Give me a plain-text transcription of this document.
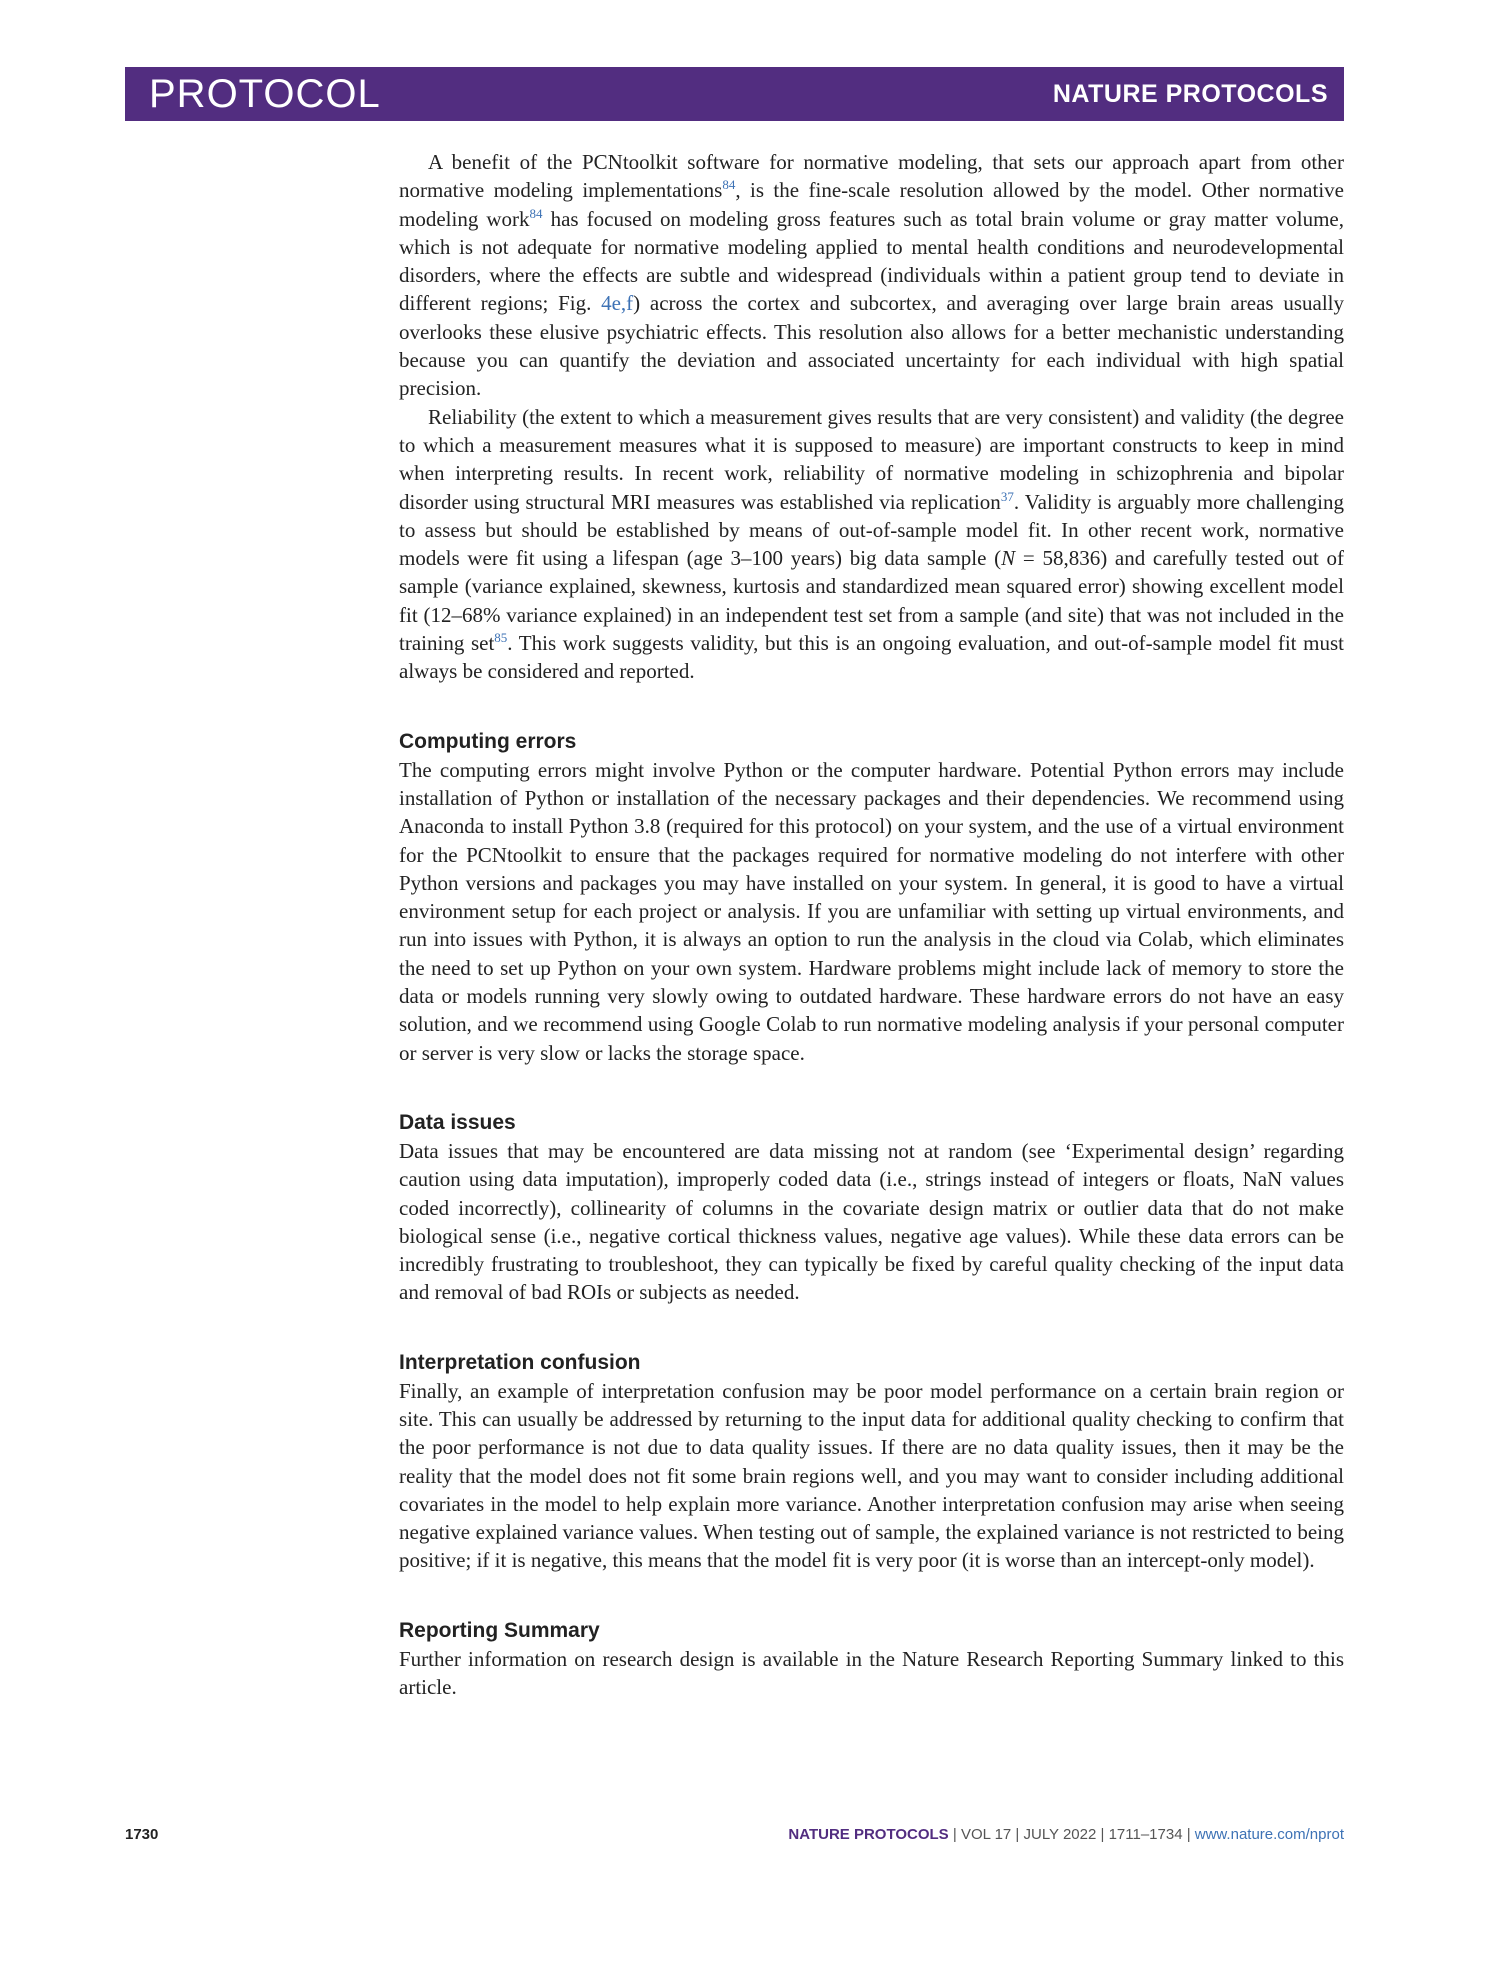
PROTOCOL	NATURE PROTOCOLS

A benefit of the PCNtoolkit software for normative modeling, that sets our approach apart from other normative modeling implementations$^{84}$, is the fine-scale resolution allowed by the model. Other normative modeling work$^{84}$ has focused on modeling gross features such as total brain volume or gray matter volume, which is not adequate for normative modeling applied to mental health conditions and neurodevelopmental disorders, where the effects are subtle and widespread (individuals within a patient group tend to deviate in different regions; Fig. 4e,f) across the cortex and subcortex, and averaging over large brain areas usually overlooks these elusive psychiatric effects. This resolution also allows for a better mechanistic understanding because you can quantify the deviation and associated uncertainty for each individual with high spatial precision.

Reliability (the extent to which a measurement gives results that are very consistent) and validity (the degree to which a measurement measures what it is supposed to measure) are important constructs to keep in mind when interpreting results. In recent work, reliability of normative modeling in schizophrenia and bipolar disorder using structural MRI measures was established via replication$^{37}$. Validity is arguably more challenging to assess but should be established by means of out-of-sample model fit. In other recent work, normative models were fit using a lifespan (age 3–100 years) big data sample (N = 58,836) and carefully tested out of sample (variance explained, skewness, kurtosis and standardized mean squared error) showing excellent model fit (12–68% variance explained) in an independent test set from a sample (and site) that was not included in the training set$^{85}$. This work suggests validity, but this is an ongoing evaluation, and out-of-sample model fit must always be considered and reported.

Computing errors

The computing errors might involve Python or the computer hardware. Potential Python errors may include installation of Python or installation of the necessary packages and their dependencies. We recommend using Anaconda to install Python 3.8 (required for this protocol) on your system, and the use of a virtual environment for the PCNtoolkit to ensure that the packages required for normative modeling do not interfere with other Python versions and packages you may have installed on your system. In general, it is good to have a virtual environment setup for each project or analysis. If you are unfamiliar with setting up virtual environments, and run into issues with Python, it is always an option to run the analysis in the cloud via Colab, which eliminates the need to set up Python on your own system. Hardware problems might include lack of memory to store the data or models running very slowly owing to outdated hardware. These hardware errors do not have an easy solution, and we recommend using Google Colab to run normative modeling analysis if your personal computer or server is very slow or lacks the storage space.

Data issues

Data issues that may be encountered are data missing not at random (see ‘Experimental design’ regarding caution using data imputation), improperly coded data (i.e., strings instead of integers or floats, NaN values coded incorrectly), collinearity of columns in the covariate design matrix or outlier data that do not make biological sense (i.e., negative cortical thickness values, negative age values). While these data errors can be incredibly frustrating to troubleshoot, they can typically be fixed by careful quality checking of the input data and removal of bad ROIs or subjects as needed.

Interpretation confusion

Finally, an example of interpretation confusion may be poor model performance on a certain brain region or site. This can usually be addressed by returning to the input data for additional quality checking to confirm that the poor performance is not due to data quality issues. If there are no data quality issues, then it may be the reality that the model does not fit some brain regions well, and you may want to consider including additional covariates in the model to help explain more variance. Another interpretation confusion may arise when seeing negative explained variance values. When testing out of sample, the explained variance is not restricted to being positive; if it is negative, this means that the model fit is very poor (it is worse than an intercept-only model).

Reporting Summary

Further information on research design is available in the Nature Research Reporting Summary linked to this article.

1730	NATURE PROTOCOLS | VOL 17 | JULY 2022 | 1711–1734 | www.nature.com/nprot
